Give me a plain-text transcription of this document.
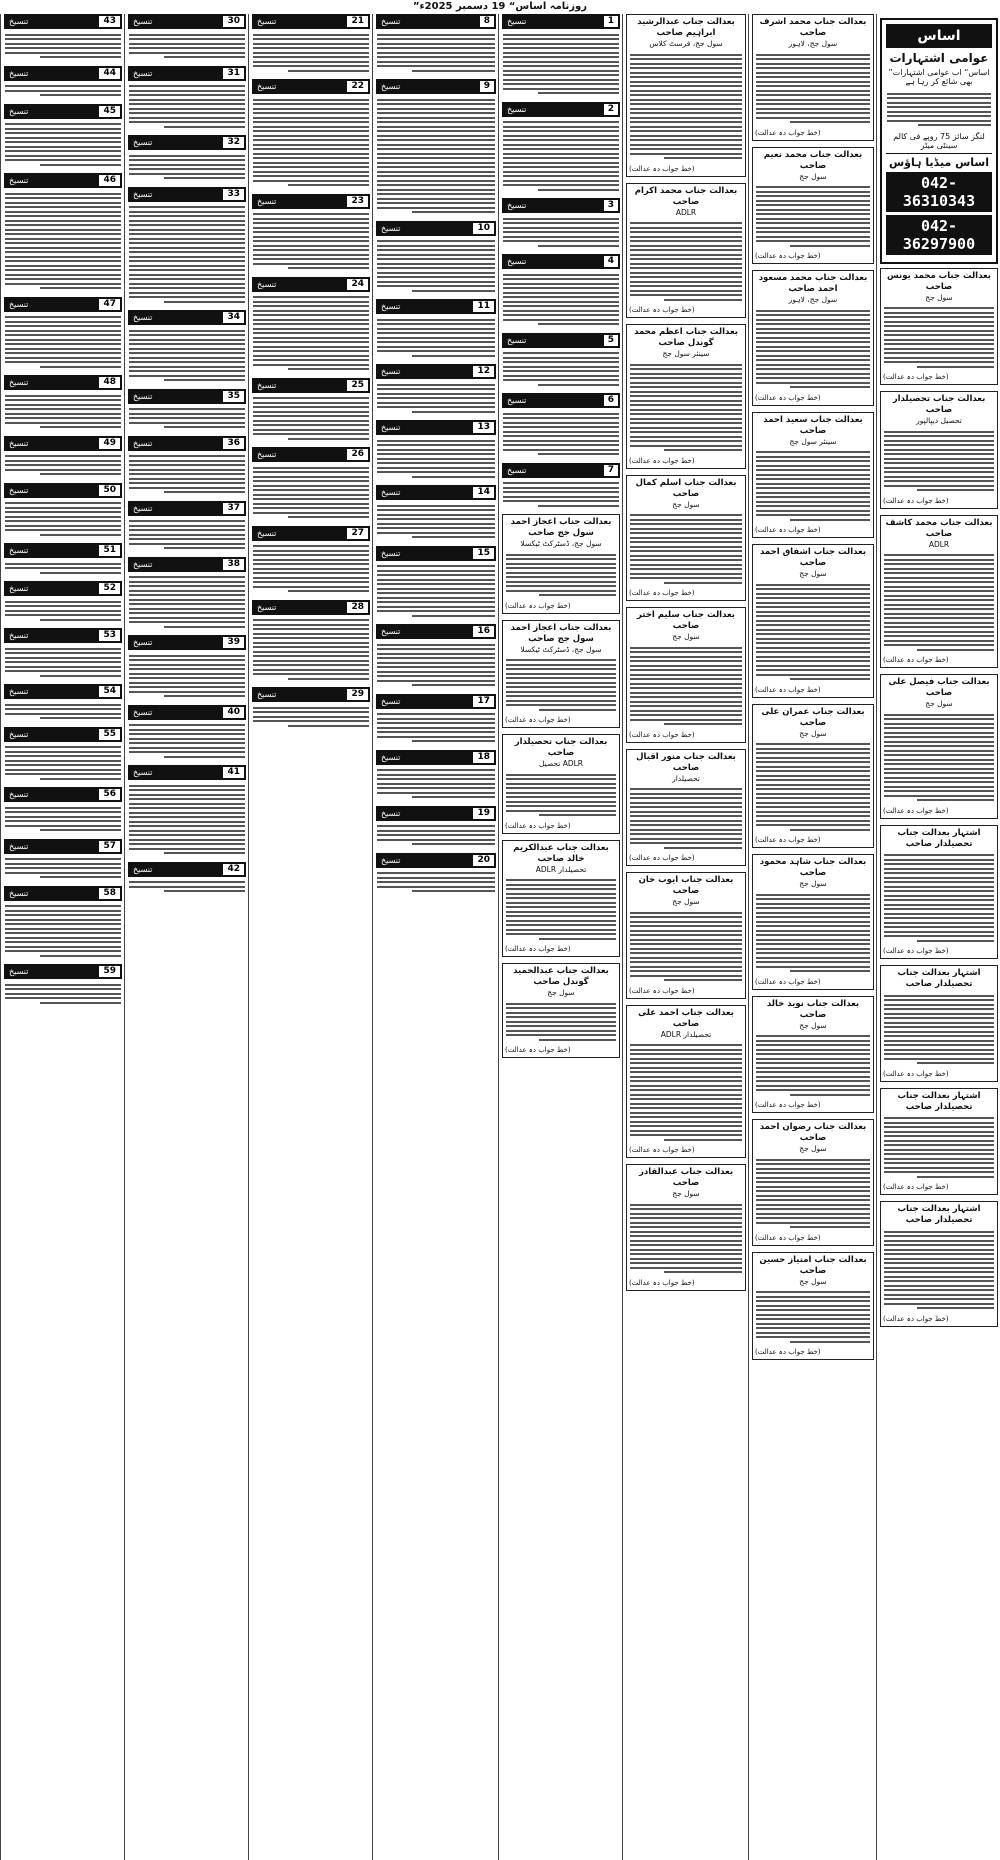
”روزنامہ اساس“ 19 دسمبر 2025ء
تنسیخ	43
تنسیخ	44
تنسیخ	45
تنسیخ	46
تنسیخ	47
تنسیخ	48
تنسیخ	49
تنسیخ	50
تنسیخ	51
تنسیخ	52
تنسیخ	53
تنسیخ	54
تنسیخ	55
تنسیخ	56
تنسیخ	57
تنسیخ	58
تنسیخ	59
تنسیخ	30
تنسیخ	31
تنسیخ	32
تنسیخ	33
تنسیخ	34
تنسیخ	35
تنسیخ	36
تنسیخ	37
تنسیخ	38
تنسیخ	39
تنسیخ	40
تنسیخ	41
تنسیخ	42
تنسیخ	21
تنسیخ	22
تنسیخ	23
تنسیخ	24
تنسیخ	25
تنسیخ	26
تنسیخ	27
تنسیخ	28
تنسیخ	29
تنسیخ	8
تنسیخ	9
تنسیخ	10
تنسیخ	11
تنسیخ	12
تنسیخ	13
تنسیخ	14
تنسیخ	15
تنسیخ	16
تنسیخ	17
تنسیخ	18
تنسیخ	19
تنسیخ	20
تنسیخ	1
تنسیخ	2
تنسیخ	3
تنسیخ	4
تنسیخ	5
تنسیخ	6
تنسیخ	7
بعدالت جناب اعجاز احمد سول جج صاحب
سول جج، ڈسٹرکٹ ٹیکسلا
(خط جواب دہ عدالت)
بعدالت جناب اعجاز احمد سول جج صاحب
سول جج، ڈسٹرکٹ ٹیکسلا
(خط جواب دہ عدالت)
بعدالت جناب تحصیلدار صاحب
تحصیل ADLR
(خط جواب دہ عدالت)
بعدالت جناب عبدالکریم خالد صاحب
ADLR تحصیلدار
(خط جواب دہ عدالت)
بعدالت جناب عبدالحمید گوندل صاحب
سول جج
(خط جواب دہ عدالت)
بعدالت جناب عبدالرشید ابراہیم صاحب
سول جج، فرسٹ کلاس
(خط جواب دہ عدالت)
بعدالت جناب محمد اکرام صاحب
ADLR
(خط جواب دہ عدالت)
بعدالت جناب اعظم محمد گوندل صاحب
سینئر سول جج
(خط جواب دہ عدالت)
بعدالت جناب اسلم کمال صاحب
سول جج
(خط جواب دہ عدالت)
بعدالت جناب سلیم اختر صاحب
سول جج
(خط جواب دہ عدالت)
بعدالت جناب منور اقبال صاحب
تحصیلدار
(خط جواب دہ عدالت)
بعدالت جناب ایوب خان صاحب
سول جج
(خط جواب دہ عدالت)
بعدالت جناب احمد علی صاحب
ADLR تحصیلدار
(خط جواب دہ عدالت)
بعدالت جناب عبدالقادر صاحب
سول جج
(خط جواب دہ عدالت)
بعدالت جناب محمد اشرف صاحب
سول جج، لاہور
(خط جواب دہ عدالت)
بعدالت جناب محمد نعیم صاحب
سول جج
(خط جواب دہ عدالت)
بعدالت جناب محمد مسعود احمد صاحب
سول جج، لاہور
(خط جواب دہ عدالت)
بعدالت جناب سعید احمد صاحب
سینئر سول جج
(خط جواب دہ عدالت)
بعدالت جناب اشفاق احمد صاحب
سول جج
(خط جواب دہ عدالت)
بعدالت جناب عمران علی صاحب
سول جج
(خط جواب دہ عدالت)
بعدالت جناب شاہد محمود صاحب
سول جج
(خط جواب دہ عدالت)
بعدالت جناب نوید خالد صاحب
سول جج
(خط جواب دہ عدالت)
بعدالت جناب رضوان احمد صاحب
سول جج
(خط جواب دہ عدالت)
بعدالت جناب امتیاز حسین صاحب
سول جج
(خط جواب دہ عدالت)
اساس
عوامی اشتہارات
”اساس“ اب عوامی اشتہارات بھی شائع کر رہا ہے
لنگز سائز 75 روپے فی کالم سینٹی میٹر
اساس میڈیا ہاؤس
042-36310343
042-36297900
بعدالت جناب محمد یونس صاحب
سول جج
(خط جواب دہ عدالت)
بعدالت جناب تحصیلدار صاحب
تحصیل دیپالپور
(خط جواب دہ عدالت)
بعدالت جناب محمد کاشف صاحب
ADLR
(خط جواب دہ عدالت)
بعدالت جناب فیصل علی صاحب
سول جج
(خط جواب دہ عدالت)
اشتہار بعدالت جناب تحصیلدار صاحب
(خط جواب دہ عدالت)
اشتہار بعدالت جناب تحصیلدار صاحب
(خط جواب دہ عدالت)
اشتہار بعدالت جناب تحصیلدار صاحب
(خط جواب دہ عدالت)
اشتہار بعدالت جناب تحصیلدار صاحب
(خط جواب دہ عدالت)
